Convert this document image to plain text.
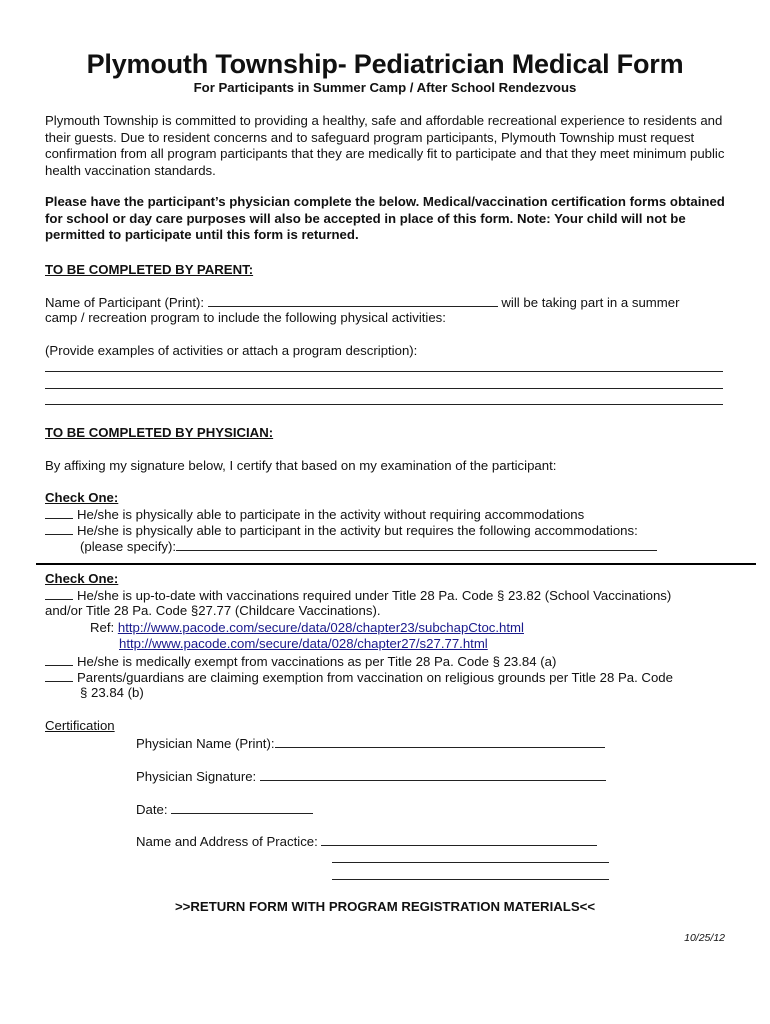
Plymouth Township- Pediatrician Medical Form
For Participants in Summer Camp / After School Rendezvous
Plymouth Township is committed to providing a healthy, safe and affordable recreational experience to residents and their guests. Due to resident concerns and to safeguard program participants, Plymouth Township must request confirmation from all program participants that they are medically fit to participate and that they meet minimum public health vaccination standards.
Please have the participant’s physician complete the below. Medical/vaccination certification forms obtained for school or day care purposes will also be accepted in place of this form. Note: Your child will not be permitted to participate until this form is returned.
TO BE COMPLETED BY PARENT:
Name of Participant (Print):	will be taking part in a summer
camp / recreation program to include the following physical activities:
(Provide examples of activities or attach a program description):
TO BE COMPLETED BY PHYSICIAN:
By affixing my signature below, I certify that based on my examination of the participant:
Check One:
He/she is physically able to participate in the activity without requiring accommodations
He/she is physically able to participant in the activity but requires the following accommodations:
(please specify):
Check One:
He/she is up-to-date with vaccinations required under Title 28 Pa. Code § 23.82 (School Vaccinations)
and/or Title 28 Pa. Code §27.77 (Childcare Vaccinations).
Ref: http://www.pacode.com/secure/data/028/chapter23/subchapCtoc.html
http://www.pacode.com/secure/data/028/chapter27/s27.77.html
He/she is medically exempt from vaccinations as per Title 28 Pa. Code § 23.84 (a)
Parents/guardians are claiming exemption from vaccination on religious grounds per Title 28 Pa. Code
§ 23.84 (b)
Certification
Physician Name (Print):
Physician Signature:
Date:
Name and Address of Practice:
>>RETURN FORM WITH PROGRAM REGISTRATION MATERIALS<<
10/25/12
